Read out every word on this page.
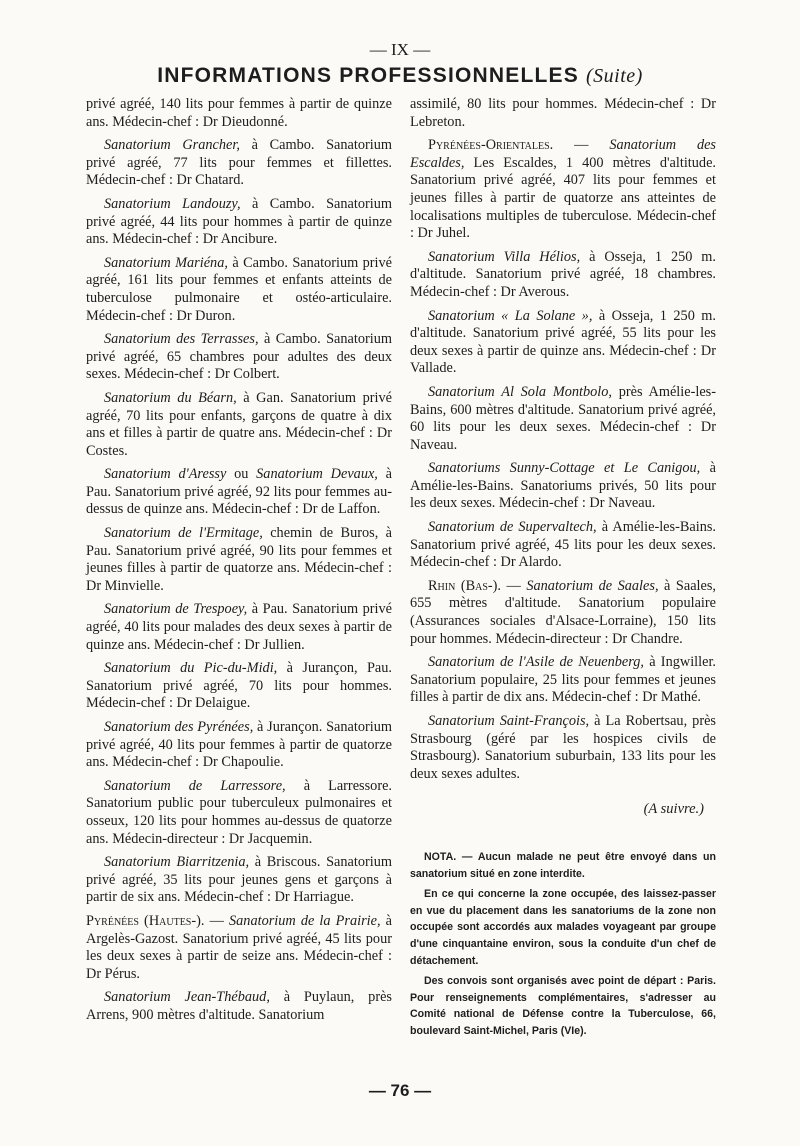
— IX —
INFORMATIONS PROFESSIONNELLES (Suite)

privé agréé, 140 lits pour femmes à partir de quinze ans. Médecin-chef : Dr Dieudonné.

Sanatorium Grancher, à Cambo. Sanatorium privé agréé, 77 lits pour femmes et fillettes. Médecin-chef : Dr Chatard.

Sanatorium Landouzy, à Cambo. Sanatorium privé agréé, 44 lits pour hommes à partir de quinze ans. Médecin-chef : Dr Ancibure.

Sanatorium Mariéna, à Cambo. Sanatorium privé agréé, 161 lits pour femmes et enfants atteints de tuberculose pulmonaire et ostéo-articulaire. Médecin-chef : Dr Duron.

Sanatorium des Terrasses, à Cambo. Sanatorium privé agréé, 65 chambres pour adultes des deux sexes. Médecin-chef : Dr Colbert.

Sanatorium du Béarn, à Gan. Sanatorium privé agréé, 70 lits pour enfants, garçons de quatre à dix ans et filles à partir de quatre ans. Médecin-chef : Dr Costes.

Sanatorium d'Aressy ou Sanatorium Devaux, à Pau. Sanatorium privé agréé, 92 lits pour femmes au-dessus de quinze ans. Médecin-chef : Dr de Laffon.

Sanatorium de l'Ermitage, chemin de Buros, à Pau. Sanatorium privé agréé, 90 lits pour femmes et jeunes filles à partir de quatorze ans. Médecin-chef : Dr Minvielle.

Sanatorium de Trespoey, à Pau. Sanatorium privé agréé, 40 lits pour malades des deux sexes à partir de quinze ans. Médecin-chef : Dr Jullien.

Sanatorium du Pic-du-Midi, à Jurançon, Pau. Sanatorium privé agréé, 70 lits pour hommes. Médecin-chef : Dr Delaigue.

Sanatorium des Pyrénées, à Jurançon. Sanatorium privé agréé, 40 lits pour femmes à partir de quatorze ans. Médecin-chef : Dr Chapoulie.

Sanatorium de Larressore, à Larressore. Sanatorium public pour tuberculeux pulmonaires et osseux, 120 lits pour hommes au-dessus de quatorze ans. Médecin-directeur : Dr Jacquemin.

Sanatorium Biarritzenia, à Briscous. Sanatorium privé agréé, 35 lits pour jeunes gens et garçons à partir de six ans. Médecin-chef : Dr Harriague.

Pyrénées (Hautes-). — Sanatorium de la Prairie, à Argelès-Gazost. Sanatorium privé agréé, 45 lits pour les deux sexes à partir de seize ans. Médecin-chef : Dr Pérus.

Sanatorium Jean-Thébaud, à Puylaun, près Arrens, 900 mètres d'altitude. Sanatorium

assimilé, 80 lits pour hommes. Médecin-chef : Dr Lebreton.

Pyrénées-Orientales. — Sanatorium des Escaldes, Les Escaldes, 1 400 mètres d'altitude. Sanatorium privé agréé, 407 lits pour femmes et jeunes filles à partir de quatorze ans atteintes de localisations multiples de tuberculose. Médecin-chef : Dr Juhel.

Sanatorium Villa Hélios, à Osseja, 1 250 m. d'altitude. Sanatorium privé agréé, 18 chambres. Médecin-chef : Dr Averous.

Sanatorium « La Solane », à Osseja, 1 250 m. d'altitude. Sanatorium privé agréé, 55 lits pour les deux sexes à partir de quinze ans. Médecin-chef : Dr Vallade.

Sanatorium Al Sola Montbolo, près Amélie-les-Bains, 600 mètres d'altitude. Sanatorium privé agréé, 60 lits pour les deux sexes. Médecin-chef : Dr Naveau.

Sanatoriums Sunny-Cottage et Le Canigou, à Amélie-les-Bains. Sanatoriums privés, 50 lits pour les deux sexes. Médecin-chef : Dr Naveau.

Sanatorium de Supervaltech, à Amélie-les-Bains. Sanatorium privé agréé, 45 lits pour les deux sexes. Médecin-chef : Dr Alardo.

Rhin (Bas-). — Sanatorium de Saales, à Saales, 655 mètres d'altitude. Sanatorium populaire (Assurances sociales d'Alsace-Lorraine), 150 lits pour hommes. Médecin-directeur : Dr Chandre.

Sanatorium de l'Asile de Neuenberg, à Ingwiller. Sanatorium populaire, 25 lits pour femmes et jeunes filles à partir de dix ans. Médecin-chef : Dr Mathé.

Sanatorium Saint-François, à La Robertsau, près Strasbourg (géré par les hospices civils de Strasbourg). Sanatorium suburbain, 133 lits pour les deux sexes adultes.

(A suivre.)

NOTA. — Aucun malade ne peut être envoyé dans un sanatorium situé en zone interdite.

En ce qui concerne la zone occupée, des laissez-passer en vue du placement dans les sanatoriums de la zone non occupée sont accordés aux malades voyageant par groupe d'une cinquantaine environ, sous la conduite d'un chef de détachement.

Des convois sont organisés avec point de départ : Paris. Pour renseignements complémentaires, s'adresser au Comité national de Défense contre la Tuberculose, 66, boulevard Saint-Michel, Paris (VIe).

— 76 —
